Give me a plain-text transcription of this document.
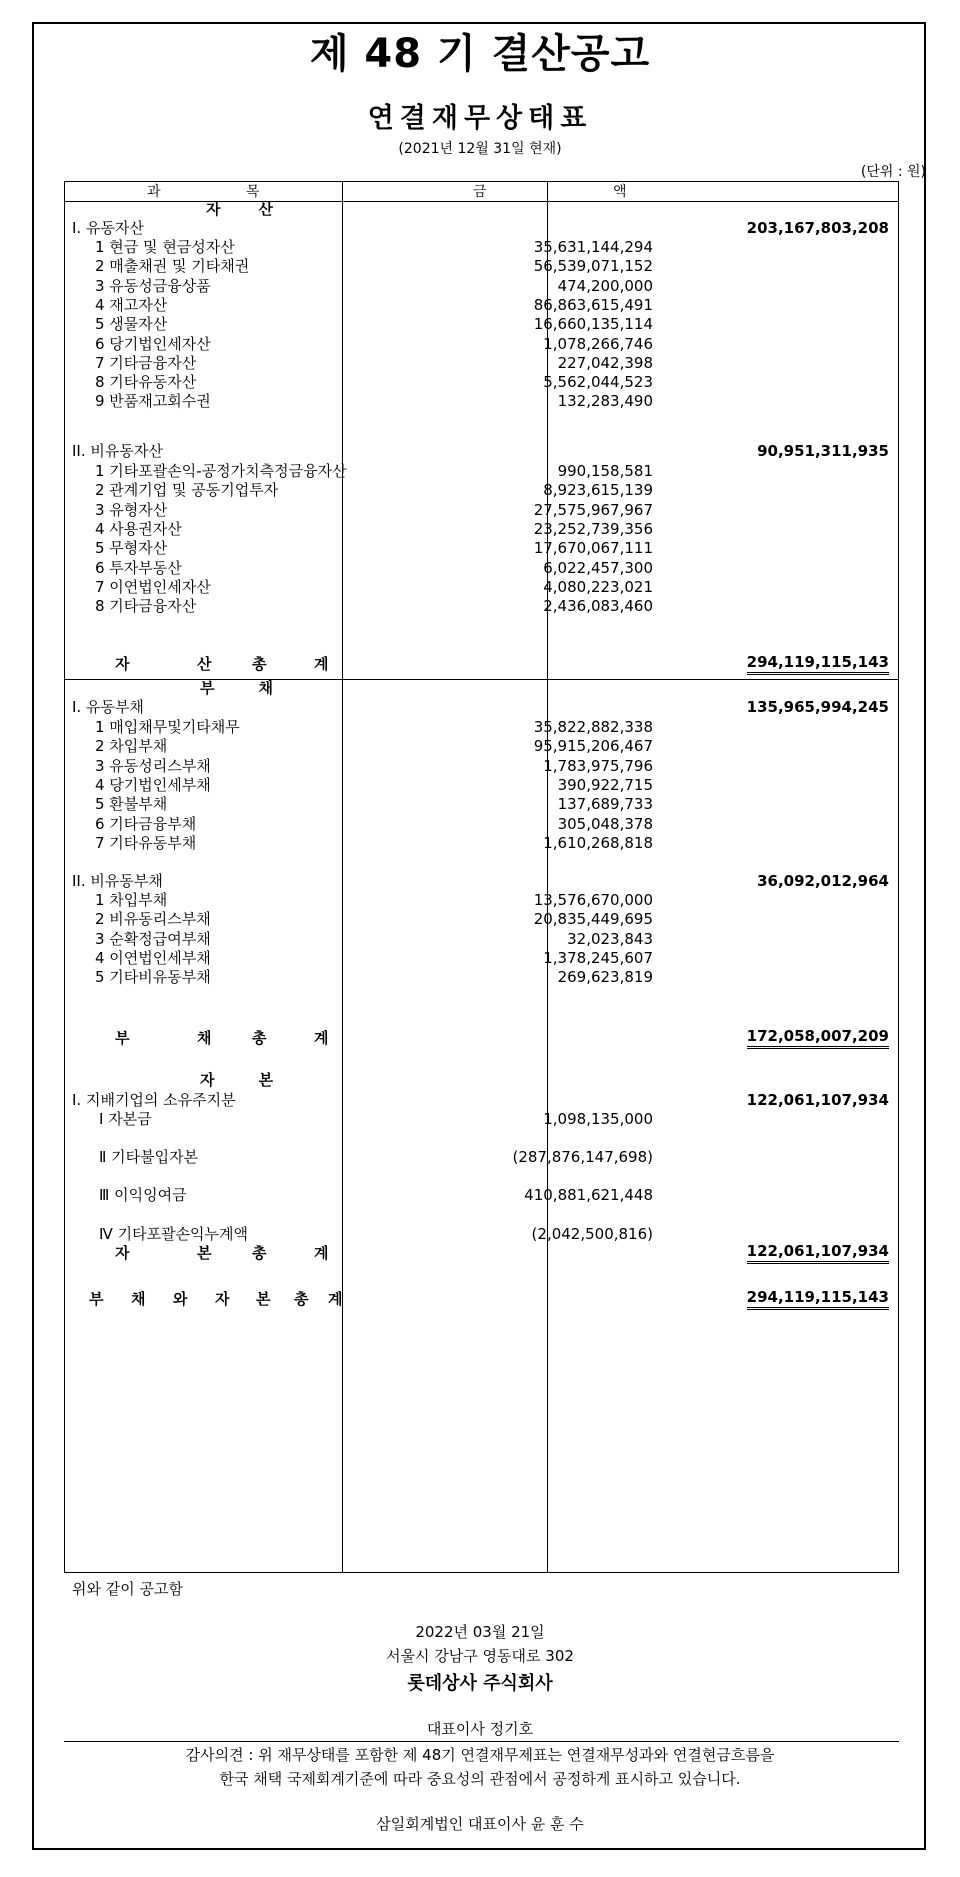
제 48 기 결산공고
연결재무상태표
(2021년 12월 31일 현재)
(단위 : 원)
과	목	금	액
자산
I. 유동자산	203,167,803,208
1 현금 및 현금성자산	35,631,144,294
2 매출채권 및 기타채권	56,539,071,152
3 유동성금융상품	474,200,000
4 재고자산	86,863,615,491
5 생물자산	16,660,135,114
6 당기법인세자산	1,078,266,746
7 기타금융자산	227,042,398
8 기타유동자산	5,562,044,523
9 반품재고회수권	132,283,490
II. 비유동자산	90,951,311,935
1 기타포괄손익-공정가치측정금융자산	990,158,581
2 관계기업 및 공동기업투자	8,923,615,139
3 유형자산	27,575,967,967
4 사용권자산	23,252,739,356
5 무형자산	17,670,067,111
6 투자부동산	6,022,457,300
7 이연법인세자산	4,080,223,021
8 기타금융자산	2,436,083,460
자	산	총	계	294,119,115,143
부채
I. 유동부채	135,965,994,245
1 매입채무및기타채무	35,822,882,338
2 차입부채	95,915,206,467
3 유동성리스부채	1,783,975,796
4 당기법인세부채	390,922,715
5 환불부채	137,689,733
6 기타금융부채	305,048,378
7 기타유동부채	1,610,268,818
II. 비유동부채	36,092,012,964
1 차입부채	13,576,670,000
2 비유동리스부채	20,835,449,695
3 순확정급여부채	32,023,843
4 이연법인세부채	1,378,245,607
5 기타비유동부채	269,623,819
부	채	총	계	172,058,007,209
자본
I. 지배기업의 소유주지분	122,061,107,934
Ⅰ 자본금	1,098,135,000
Ⅱ 기타불입자본	(287,876,147,698)
Ⅲ 이익잉여금	410,881,621,448
Ⅳ 기타포괄손익누계액	(2,042,500,816)
자	본	총	계	122,061,107,934
부 채 와 자 본 총 계	294,119,115,143
위와 같이 공고함
2022년 03월 21일
서울시 강남구 영동대로 302
롯데상사 주식회사
대표이사 정기호
감사의견 : 위 재무상태를 포함한 제 48기 연결재무제표는 연결재무성과와 연결현금흐름을
한국 채택 국제회계기준에 따라 중요성의 관점에서 공정하게 표시하고 있습니다.
삼일회계법인 대표이사 윤 훈 수
